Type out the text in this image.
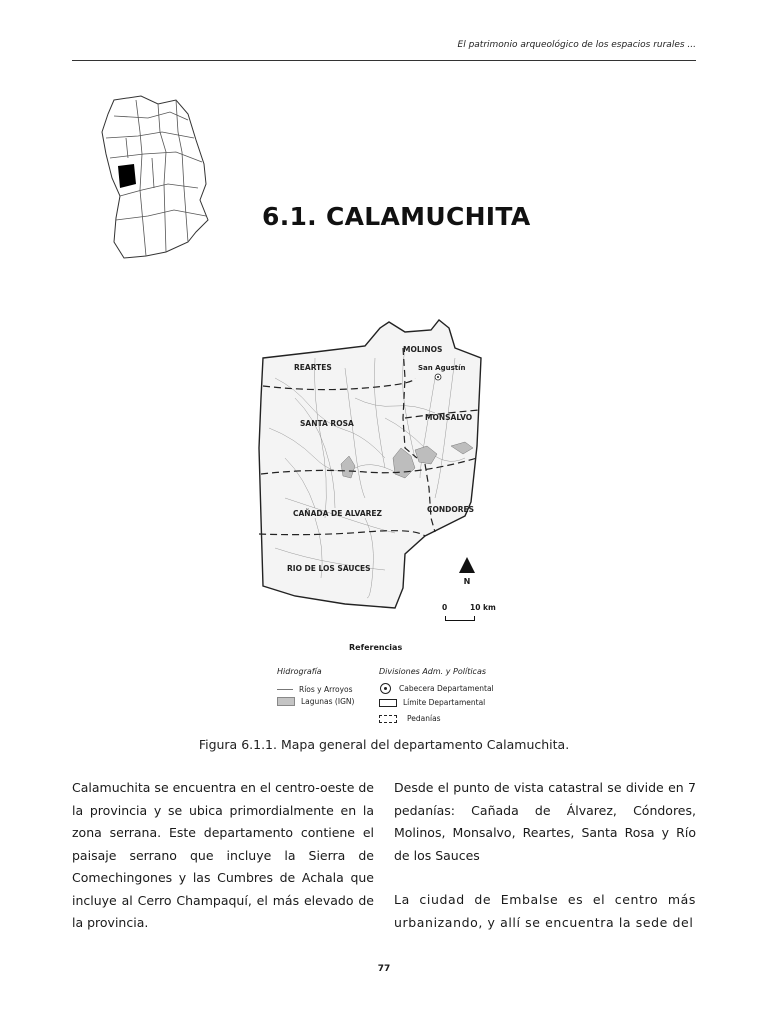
El patrimonio arqueológico de los espacios rurales ...
6.1. CALAMUCHITA
MOLINOS
REARTES	San Agustín
SANTA ROSA
MONSALVO
CAÑADA DE ALVAREZ	CONDORES
RIO DE LOS SAUCES
N
0	10 km
Referencias
Hidrografía	Divisiones Adm. y Políticas
Ríos y Arroyos
Lagunas (IGN)
Cabecera Departamental
Límite Departamental
Pedanías
Figura 6.1.1. Mapa general del departamento Calamuchita.

Calamuchita se encuentra en el centro-oeste de la provincia y se ubica primordialmente en la zona serrana. Este departamento contiene el paisaje serrano que incluye la Sierra de Comechingones y las Cumbres de Achala que incluye al Cerro Champaquí, el más elevado de la provincia.

Desde el punto de vista catastral se divide en 7 pedanías: Cañada de Álvarez, Cóndores, Molinos, Monsalvo, Reartes, Santa Rosa y Río de los Sauces

La ciudad de Embalse es el centro más urbanizando, y allí se encuentra la sede del

77
